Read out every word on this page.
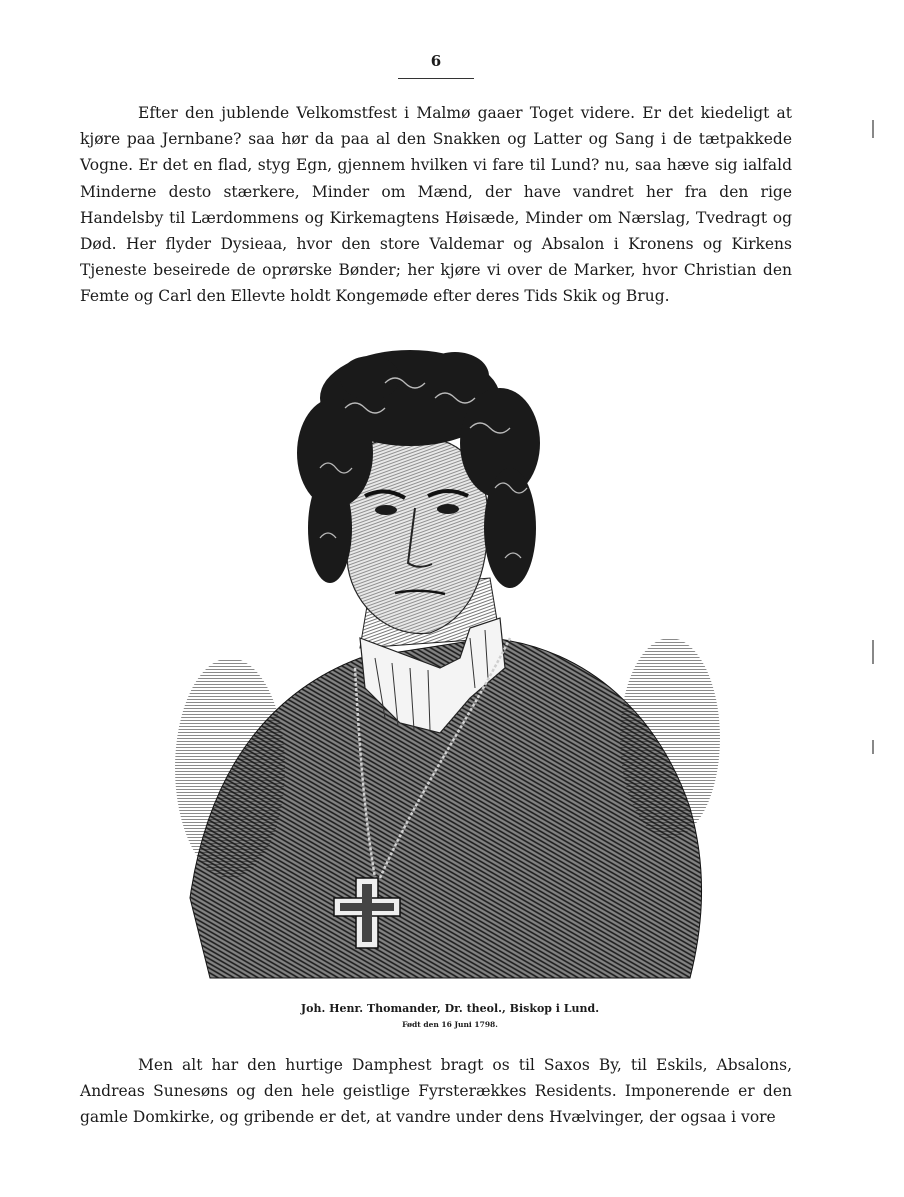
6

Efter den jublende Velkomstfest i Malmø gaaer Toget videre. Er det kiedeligt at kjøre paa Jernbane? saa hør da paa al den Snakken og Latter og Sang i de tætpakkede Vogne. Er det en flad, styg Egn, gjennem hvilken vi fare til Lund? nu, saa hæve sig ialfald Minderne desto stærkere, Minder om Mænd, der have vandret her fra den rige Handelsby til Lærdommens og Kirkemagtens Høisæde, Minder om Nærslag, Tvedragt og Død. Her flyder Dysieaa, hvor den store Valdemar og Absalon i Kronens og Kirkens Tjeneste beseirede de oprørske Bønder; her kjøre vi over de Marker, hvor Christian den Femte og Carl den Ellevte holdt Kongemøde efter deres Tids Skik og Brug.

Joh. Henr. Thomander, Dr. theol., Biskop i Lund.
Født den 16 Juni 1798.

Men alt har den hurtige Damphest bragt os til Saxos By, til Eskils, Absalons, Andreas Sunesøns og den hele geistlige Fyrsterækkes Residents. Imponerende er den gamle Domkirke, og gribende er det, at vandre under dens Hvælvinger, der ogsaa i vore
